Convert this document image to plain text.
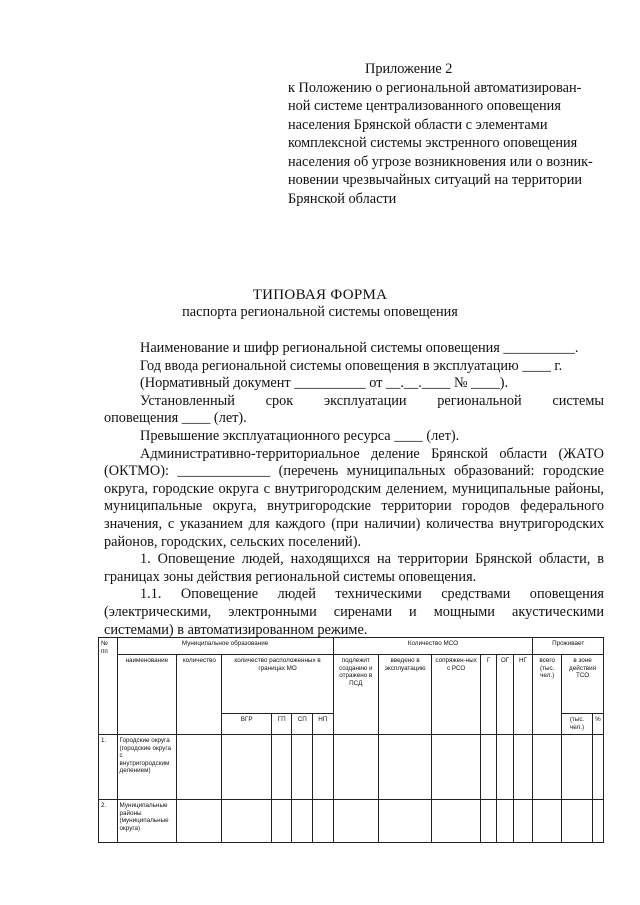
Приложение 2
к Положению о региональной автоматизирован-
ной системе централизованного оповещения
населения Брянской области с элементами
комплексной системы экстренного оповещения
населения об угрозе возникновения или о возник-
новении чрезвычайных ситуаций на территории
Брянской области
ТИПОВАЯ ФОРМА
паспорта региональной системы оповещения

Наименование и шифр региональной системы оповещения __________.

Год ввода региональной системы оповещения в эксплуатацию ____ г.

(Нормативный документ __________ от __.__.____ № ____).

Установленный срок эксплуатации региональной системы

оповещения ____ (лет).

Превышение эксплуатационного ресурса ____ (лет).

Административно-территориальное деление Брянской области (ЖАТО (ОКТМО): _____________ (перечень муниципальных образований: городские округа, городские округа с внутригородским делением, муниципальные районы, муниципальные округа, внутригородские территории городов федерального значения, с указанием для каждого (при наличии) количества внутригородских районов, городских, сельских поселений).

1. Оповещение людей, находящихся на территории Брянской области, в границах зоны действия региональной системы оповещения.

1.1. Оповещение людей техническими средствами оповещения (электрическими, электронными сиренами и мощными акустическими системами) в автоматизированном режиме.

№ пп	Муниципальное образование						Количество МСО						Проживает		
	наименование	количество	количество расположенных в границах МО				подлежит созданию и отражено в ПСД	введено в эксплуатацию	сопряжен-ных с РСО	Г	ОГ	НГ	всего (тыс. чел.)	в зоне действия ТСО	
			ВГР	ГП	СП	НП								(тыс. чел.)	%
1.	Городские округа (городские округа с внутригородским делением)														
2.	Муниципальные районы (муниципальные округа)														
